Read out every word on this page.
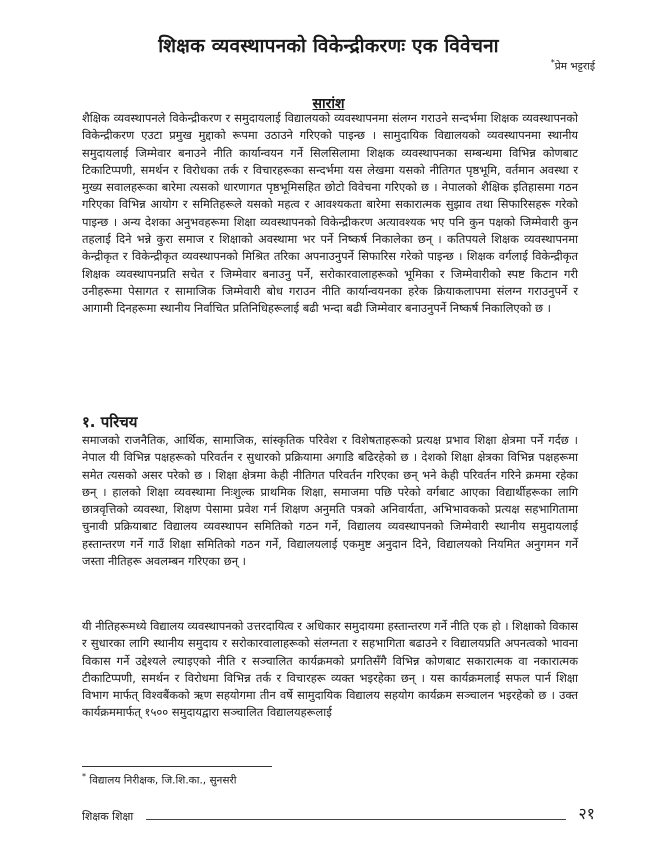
शिक्षक व्यवस्थापनको विकेन्द्रीकरणः एक विवेचना
*प्रेम भट्टराई
सारांश

शैक्षिक व्यवस्थापनले विकेन्द्रीकरण र समुदायलाई विद्यालयको व्यवस्थापनमा संलग्न गराउने सन्दर्भमा शिक्षक व्यवस्थापनको विकेन्द्रीकरण एउटा प्रमुख मुद्दाको रूपमा उठाउने गरिएको पाइन्छ । सामुदायिक विद्यालयको व्यवस्थापनमा स्थानीय समुदायलाई जिम्मेवार बनाउने नीति कार्यान्वयन गर्ने सिलसिलामा शिक्षक व्यवस्थापनका सम्बन्धमा विभिन्न कोणबाट टिकाटिप्पणी, समर्थन र विरोधका तर्क र विचारहरूका सन्दर्भमा यस लेखमा यसको नीतिगत पृष्ठभूमि, वर्तमान अवस्था र मुख्य सवालहरूका बारेमा त्यसको धारणागत पृष्ठभूमिसहित छोटो विवेचना गरिएको छ । नेपालको शैक्षिक इतिहासमा गठन गरिएका विभिन्न आयोग र समितिहरूले यसको महत्व र आवश्यकता बारेमा सकारात्मक सुझाव तथा सिफारिसहरू गरेको पाइन्छ । अन्य देशका अनुभवहरूमा शिक्षा व्यवस्थापनको विकेन्द्रीकरण अत्यावश्यक भए पनि कुन पक्षको जिम्मेवारी कुन तहलाई दिने भन्ने कुरा समाज र शिक्षाको अवस्थामा भर पर्ने निष्कर्ष निकालेका छन् । कतिपयले शिक्षक व्यवस्थापनमा केन्द्रीकृत र विकेन्द्रीकृत व्यवस्थापनको मिश्रित तरिका अपनाउनुपर्ने सिफारिस गरेको पाइन्छ । शिक्षक वर्गलाई विकेन्द्रीकृत शिक्षक व्यवस्थापनप्रति सचेत र जिम्मेवार बनाउनु पर्ने, सरोकारवालाहरूको भूमिका र जिम्मेवारीको स्पष्ट किटान गरी उनीहरूमा पेसागत र सामाजिक जिम्मेवारी बोध गराउन नीति कार्यान्वयनका हरेक क्रियाकलापमा संलग्न गराउनुपर्ने र आगामी दिनहरूमा स्थानीय निर्वाचित प्रतिनिधिहरूलाई बढी भन्दा बढी जिम्मेवार बनाउनुपर्ने निष्कर्ष निकालिएको छ ।

१. परिचय

समाजको राजनैतिक, आर्थिक, सामाजिक, सांस्कृतिक परिवेश र विशेषताहरूको प्रत्यक्ष प्रभाव शिक्षा क्षेत्रमा पर्ने गर्दछ । नेपाल यी विभिन्न पक्षहरूको परिवर्तन र सुधारको प्रक्रियामा अगाडि बढिरहेको छ । देशको शिक्षा क्षेत्रका विभिन्न पक्षहरूमा समेत त्यसको असर परेको छ । शिक्षा क्षेत्रमा केही नीतिगत परिवर्तन गरिएका छन् भने केही परिवर्तन गरिने क्रममा रहेका छन् । हालको शिक्षा व्यवस्थामा निःशुल्क प्राथमिक शिक्षा, समाजमा पछि परेको वर्गबाट आएका विद्यार्थीहरूका लागि छात्रवृत्तिको व्यवस्था, शिक्षण पेसामा प्रवेश गर्न शिक्षण अनुमति पत्रको अनिवार्यता, अभिभावकको प्रत्यक्ष सहभागितामा चुनावी प्रक्रियाबाट विद्यालय व्यवस्थापन समितिको गठन गर्ने, विद्यालय व्यवस्थापनको जिम्मेवारी स्थानीय समुदायलाई हस्तान्तरण गर्ने गाउँ शिक्षा समितिको गठन गर्ने, विद्यालयलाई एकमुष्ट अनुदान दिने, विद्यालयको नियमित अनुगमन गर्ने जस्ता नीतिहरू अवलम्बन गरिएका छन् ।

यी नीतिहरूमध्ये विद्यालय व्यवस्थापनको उत्तरदायित्व र अधिकार समुदायमा हस्तान्तरण गर्ने नीति एक हो । शिक्षाको विकास र सुधारका लागि स्थानीय समुदाय र सरोकारवालाहरूको संलग्नता र सहभागिता बढाउने र विद्यालयप्रति अपनत्वको भावना विकास गर्ने उद्देश्यले ल्याइएको नीति र सञ्चालित कार्यक्रमको प्रगतिसँगै विभिन्न कोणबाट सकारात्मक वा नकारात्मक टीकाटिप्पणी, समर्थन र विरोधमा विभिन्न तर्क र विचारहरू व्यक्त भइरहेका छन् । यस कार्यक्रमलाई सफल पार्न शिक्षा विभाग मार्फत् विश्वबैंकको ऋण सहयोगमा तीन वर्षे सामुदायिक विद्यालय सहयोग कार्यक्रम सञ्चालन भइरहेको छ । उक्त कार्यक्रममार्फत् १५०० समुदायद्वारा सञ्चालित विद्यालयहरूलाई

* विद्यालय निरीक्षक, जि.शि.का., सुनसरी
शिक्षक शिक्षा	२१
